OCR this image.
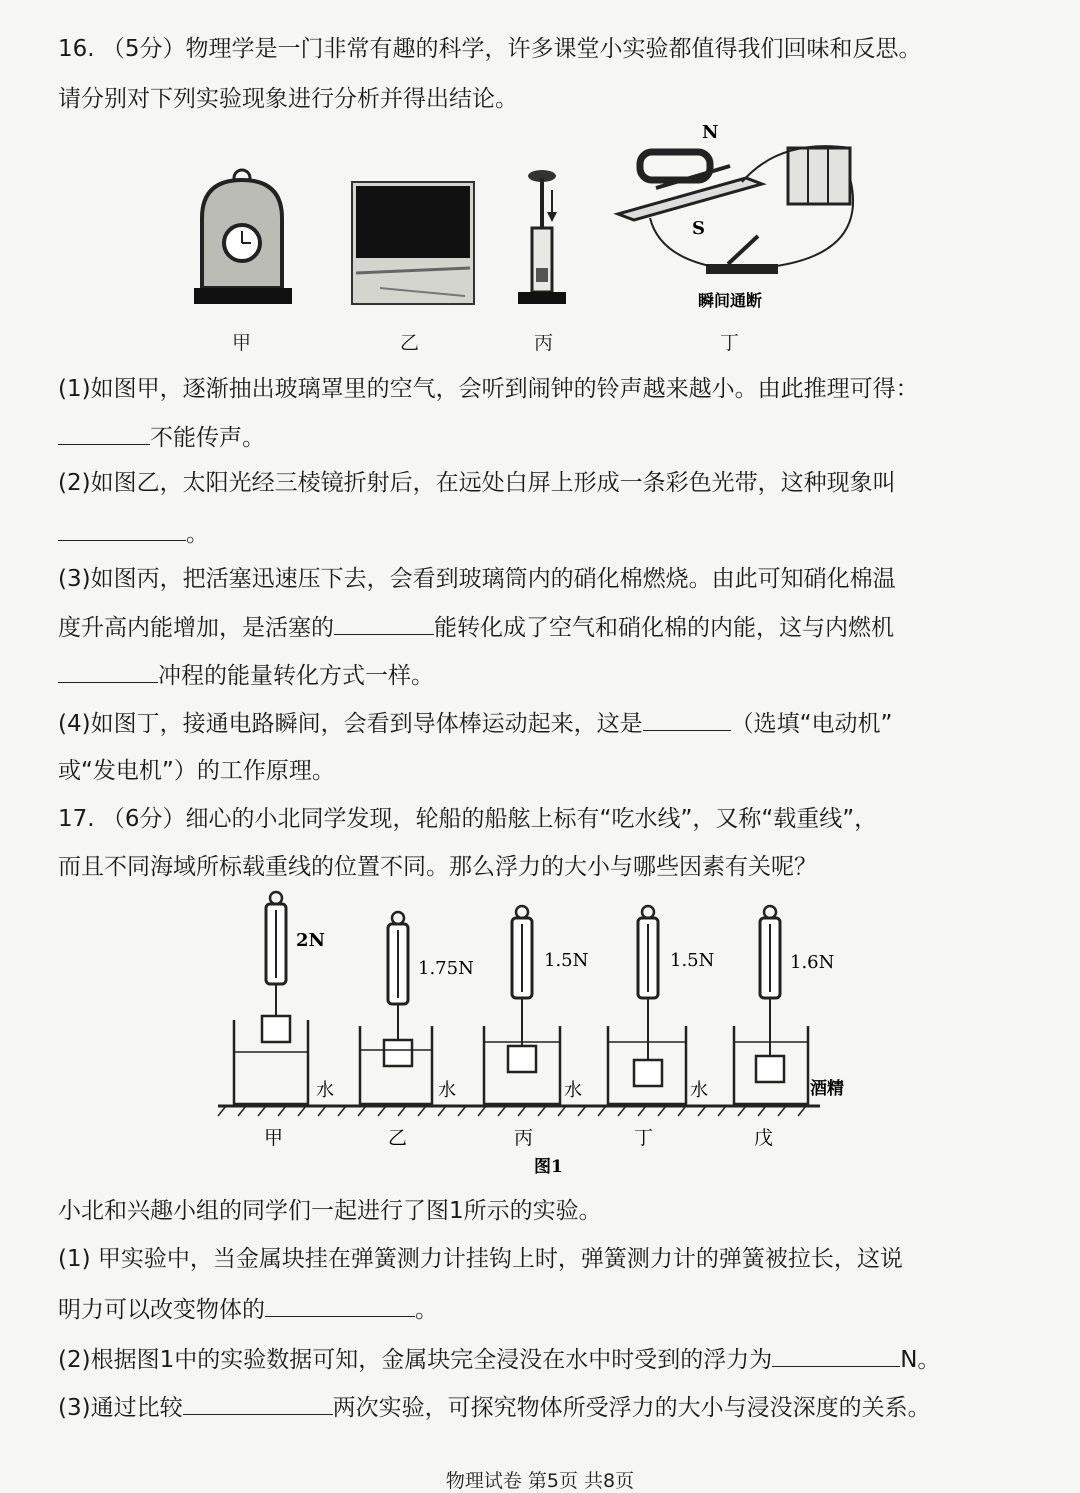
16. （5分）物理学是一门非常有趣的科学，许多课堂小实验都值得我们回味和反思。
请分别对下列实验现象进行分析并得出结论。
N
S
瞬间通断
甲	乙	丙	丁
(1)如图甲，逐渐抽出玻璃罩里的空气，会听到闹钟的铃声越来越小。由此推理可得：
不能传声。
(2)如图乙，太阳光经三棱镜折射后，在远处白屏上形成一条彩色光带，这种现象叫
。
(3)如图丙，把活塞迅速压下去，会看到玻璃筒内的硝化棉燃烧。由此可知硝化棉温
度升高内能增加，是活塞的	能转化成了空气和硝化棉的内能，这与内燃机
冲程的能量转化方式一样。
(4)如图丁，接通电路瞬间，会看到导体棒运动起来，这是	（选填“电动机”
或“发电机”）的工作原理。
17. （6分）细心的小北同学发现，轮船的船舷上标有“吃水线”，又称“载重线”，
而且不同海域所标载重线的位置不同。那么浮力的大小与哪些因素有关呢？
2N
水
1.75N
水
1.5N
水
1.5N
水
1.6N
酒精
甲	乙	丙	丁	戊
图1
小北和兴趣小组的同学们一起进行了图1所示的实验。
(1) 甲实验中，当金属块挂在弹簧测力计挂钩上时，弹簧测力计的弹簧被拉长，这说
明力可以改变物体的	。
(2)根据图1中的实验数据可知，金属块完全浸没在水中时受到的浮力为	N。
(3)通过比较	两次实验，可探究物体所受浮力的大小与浸没深度的关系。
物理试卷 第5页 共8页
